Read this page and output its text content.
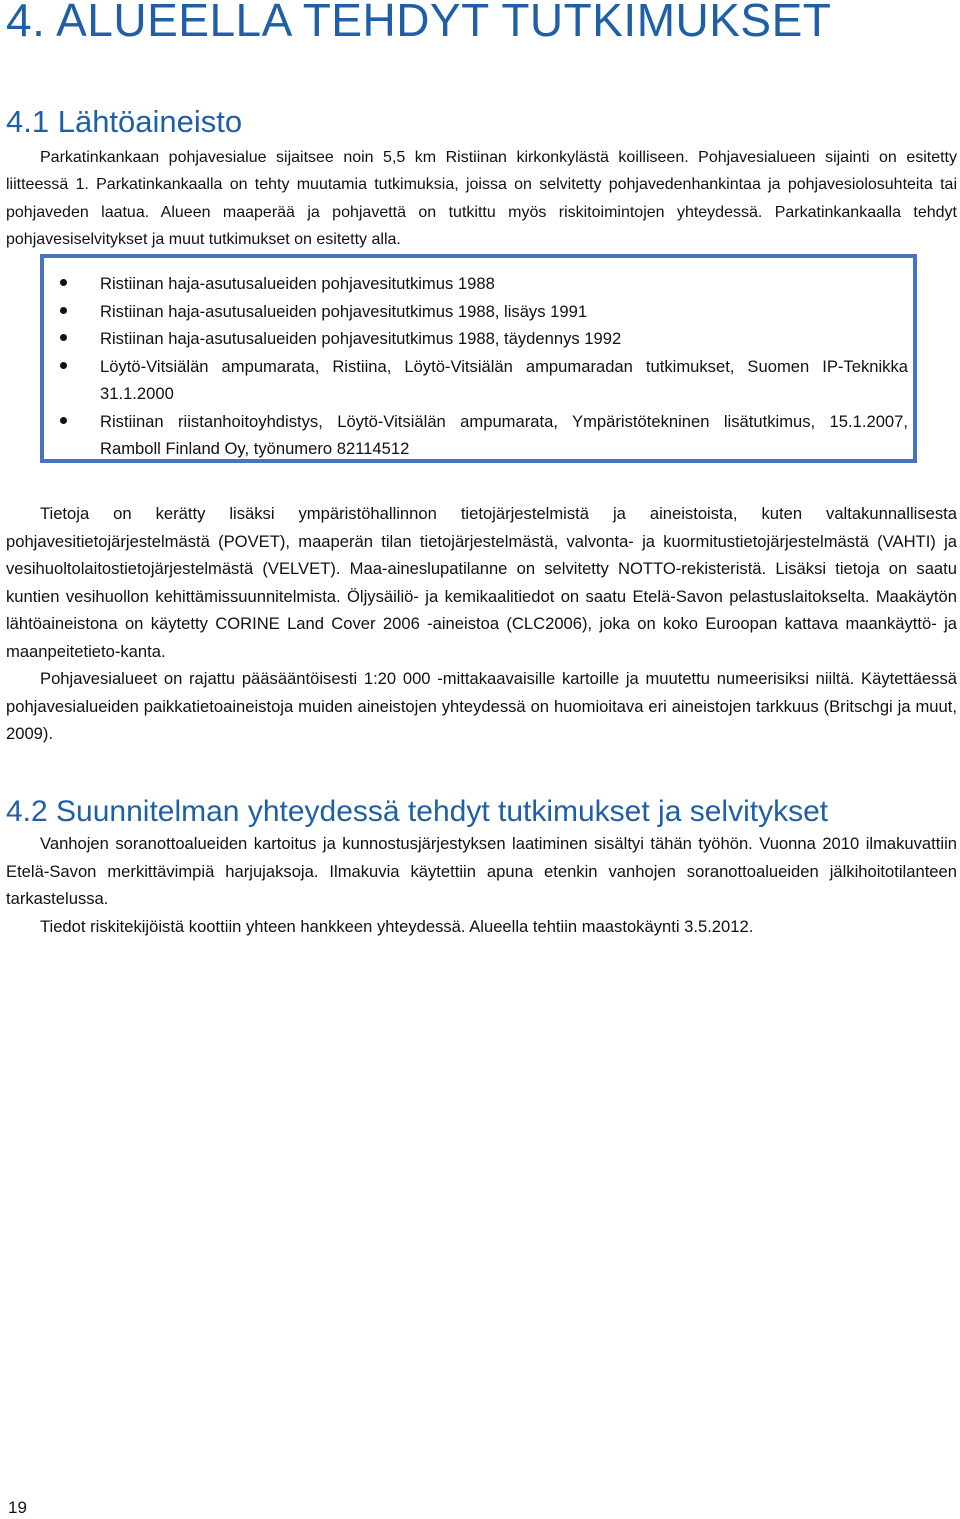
4. ALUEELLA TEHDYT TUTKIMUKSET
4.1 Lähtöaineisto

Parkatinkankaan pohjavesialue sijaitsee noin 5,5 km Ristiinan kirkonkylästä koilliseen. Pohjavesialueen sijainti on esitetty liitteessä 1. Parkatinkankaalla on tehty muutamia tutkimuksia, joissa on selvitetty pohjavedenhankintaa ja pohjavesiolosuhteita tai pohjaveden laatua. Alueen maaperää ja pohjavettä on tutkittu myös riskitoimintojen yhteydessä. Parkatinkankaalla tehdyt pohjavesiselvitykset ja muut tutkimukset on esitetty alla.

Ristiinan haja-asutusalueiden pohjavesitutkimus 1988
Ristiinan haja-asutusalueiden pohjavesitutkimus 1988, lisäys 1991
Ristiinan haja-asutusalueiden pohjavesitutkimus 1988, täydennys 1992
Löytö-Vitsiälän ampumarata, Ristiina, Löytö-Vitsiälän ampumaradan tutkimukset, Suomen IP-Teknikka 31.1.2000
Ristiinan riistanhoitoyhdistys, Löytö-Vitsiälän ampumarata, Ympäristötekninen lisätutkimus, 15.1.2007, Ramboll Finland Oy, työnumero 82114512

Tietoja on kerätty lisäksi ympäristöhallinnon tietojärjestelmistä ja aineistoista, kuten valtakunnallisesta pohjavesitietojärjestelmästä (POVET), maaperän tilan tietojärjestelmästä, valvonta- ja kuormitustietojärjestelmästä (VAHTI) ja vesihuoltolaitostietojärjestelmästä (VELVET). Maa-aineslupatilanne on selvitetty NOTTO-rekisteristä. Lisäksi tietoja on saatu kuntien vesihuollon kehittämissuunnitelmista. Öljysäiliö- ja kemikaalitiedot on saatu Etelä-Savon pelastuslaitokselta. Maakäytön lähtöaineistona on käytetty CORINE Land Cover 2006 -aineistoa (CLC2006), joka on koko Euroopan kattava maankäyttö- ja maanpeitetieto-kanta.

Pohjavesialueet on rajattu pääsääntöisesti 1:20 000 -mittakaavaisille kartoille ja muutettu numeerisiksi niiltä. Käytettäessä pohjavesialueiden paikkatietoaineistoja muiden aineistojen yhteydessä on huomioitava eri aineistojen tarkkuus (Britschgi ja muut, 2009).

4.2 Suunnitelman yhteydessä tehdyt tutkimukset ja selvitykset

Vanhojen soranottoalueiden kartoitus ja kunnostusjärjestyksen laatiminen sisältyi tähän työhön. Vuonna 2010 ilmakuvattiin Etelä-Savon merkittävimpiä harjujaksoja. Ilmakuvia käytettiin apuna etenkin vanhojen soranottoalueiden jälkihoitotilanteen tarkastelussa.

Tiedot riskitekijöistä koottiin yhteen hankkeen yhteydessä. Alueella tehtiin maastokäynti 3.5.2012.

19
